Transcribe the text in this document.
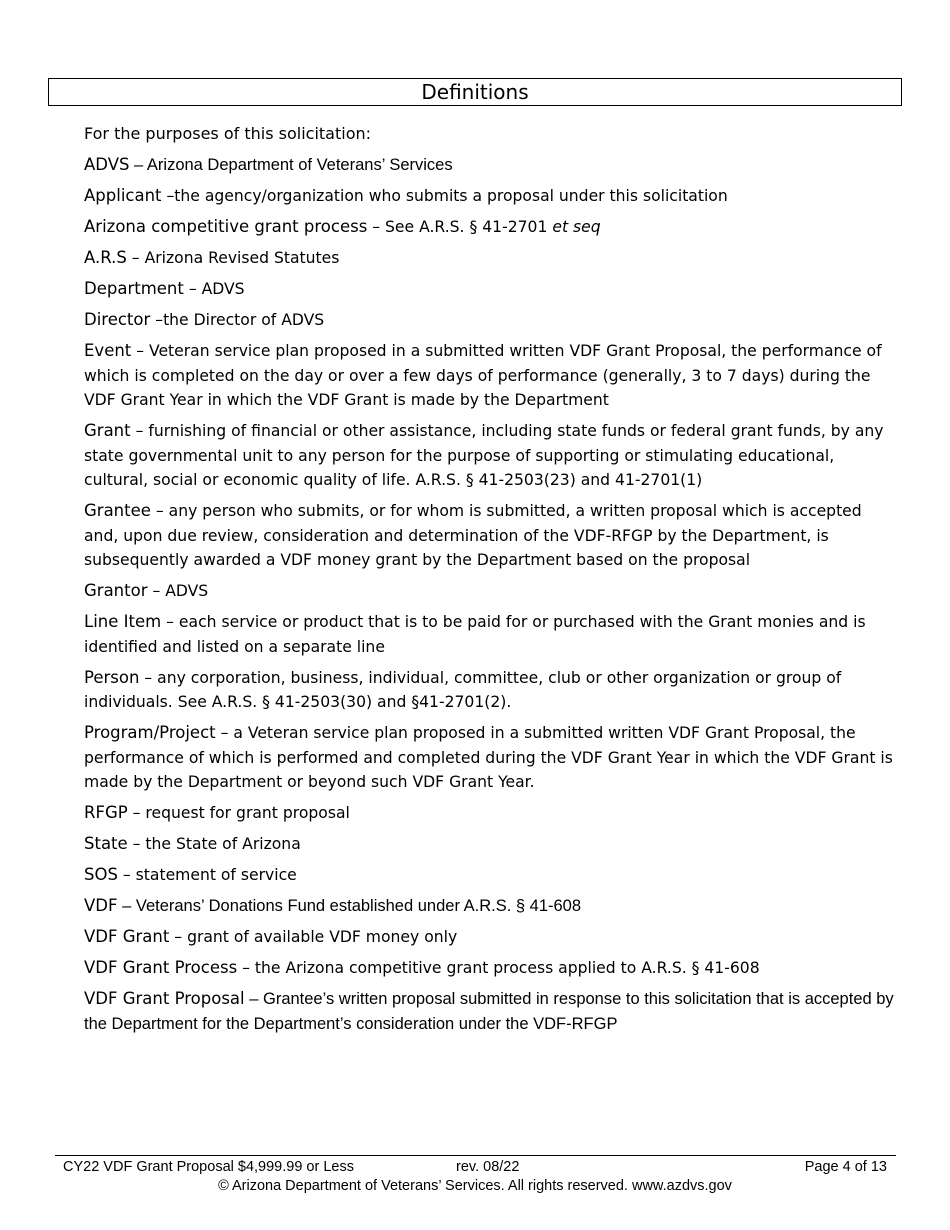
Definitions
For the purposes of this solicitation:
ADVS – Arizona Department of Veterans’ Services
Applicant –the agency/organization who submits a proposal under this solicitation
Arizona competitive grant process – See A.R.S. § 41-2701 et seq
A.R.S – Arizona Revised Statutes
Department – ADVS
Director –the Director of ADVS
Event – Veteran service plan proposed in a submitted written VDF Grant Proposal, the performance of which is completed on the day or over a few days of performance (generally, 3 to 7 days) during the VDF Grant Year in which the VDF Grant is made by the Department
Grant – furnishing of financial or other assistance, including state funds or federal grant funds, by any state governmental unit to any person for the purpose of supporting or stimulating educational, cultural, social or economic quality of life. A.R.S. § 41-2503(23) and 41-2701(1)
Grantee – any person who submits, or for whom is submitted, a written proposal which is accepted and, upon due review, consideration and determination of the VDF-RFGP by the Department, is subsequently awarded a VDF money grant by the Department based on the proposal
Grantor – ADVS
Line Item – each service or product that is to be paid for or purchased with the Grant monies and is identified and listed on a separate line
Person – any corporation, business, individual, committee, club or other organization or group of individuals. See A.R.S. § 41-2503(30) and §41-2701(2).
Program/Project – a Veteran service plan proposed in a submitted written VDF Grant Proposal, the performance of which is performed and completed during the VDF Grant Year in which the VDF Grant is made by the Department or beyond such VDF Grant Year.
RFGP – request for grant proposal
State – the State of Arizona
SOS – statement of service
VDF – Veterans’ Donations Fund established under A.R.S. § 41-608
VDF Grant – grant of available VDF money only
VDF Grant Process – the Arizona competitive grant process applied to A.R.S. § 41-608
VDF Grant Proposal – Grantee’s written proposal submitted in response to this solicitation that is accepted by the Department for the Department’s consideration under the VDF-RFGP
CY22 VDF Grant Proposal $4,999.99 or Less	rev. 08/22	Page 4 of 13
© Arizona Department of Veterans’ Services. All rights reserved. www.azdvs.gov
